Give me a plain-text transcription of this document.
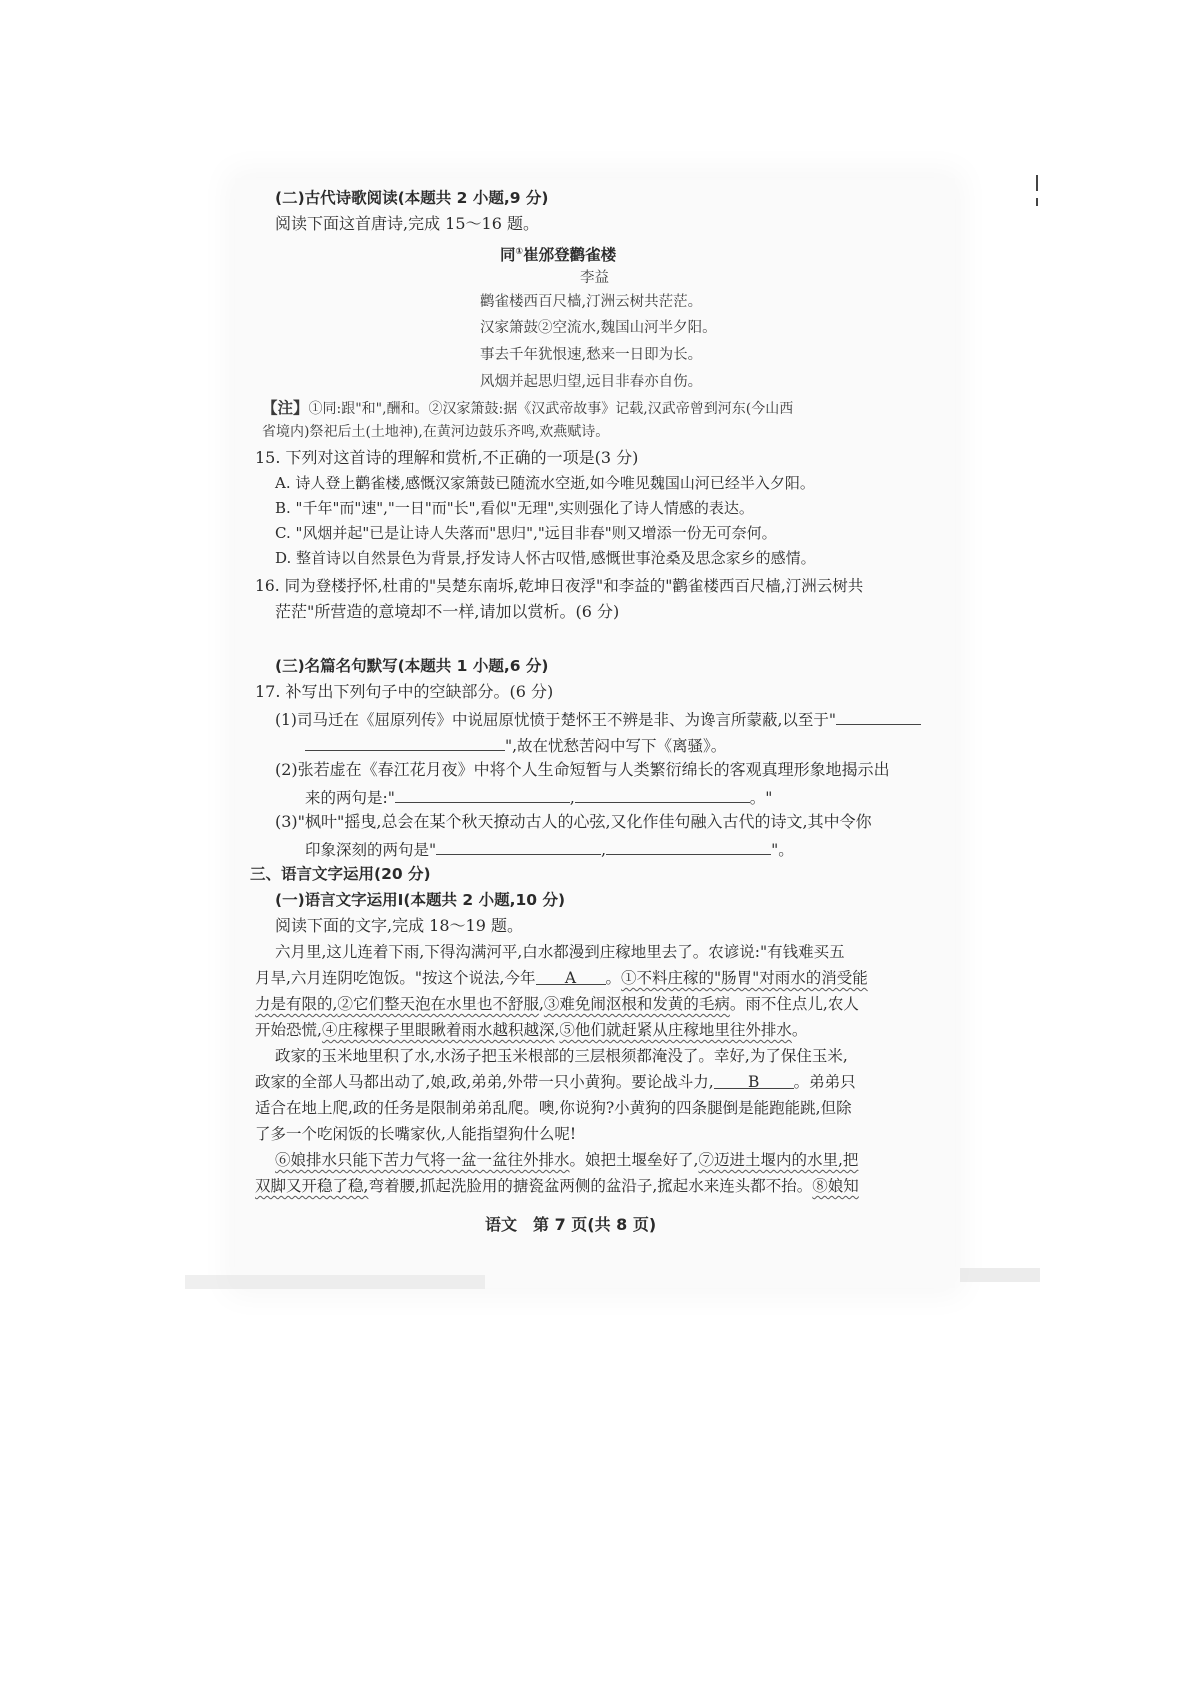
(二)古代诗歌阅读(本题共 2 小题,9 分)
阅读下面这首唐诗,完成 15～16 题。
同①崔邠登鹳雀楼
李益
鹳雀楼西百尺樯,汀洲云树共茫茫。
汉家箫鼓②空流水,魏国山河半夕阳。
事去千年犹恨速,愁来一日即为长。
风烟并起思归望,远目非春亦自伤。
【注】①同:跟"和",酬和。②汉家箫鼓:据《汉武帝故事》记载,汉武帝曾到河东(今山西
省境内)祭祀后土(土地神),在黄河边鼓乐齐鸣,欢燕赋诗。
15. 下列对这首诗的理解和赏析,不正确的一项是(3 分)
A. 诗人登上鹳雀楼,感慨汉家箫鼓已随流水空逝,如今唯见魏国山河已经半入夕阳。
B. "千年"而"速","一日"而"长",看似"无理",实则强化了诗人情感的表达。
C. "风烟并起"已是让诗人失落而"思归","远目非春"则又增添一份无可奈何。
D. 整首诗以自然景色为背景,抒发诗人怀古叹惜,感慨世事沧桑及思念家乡的感情。
16. 同为登楼抒怀,杜甫的"吴楚东南坼,乾坤日夜浮"和李益的"鹳雀楼西百尺樯,汀洲云树共
茫茫"所营造的意境却不一样,请加以赏析。(6 分)
(三)名篇名句默写(本题共 1 小题,6 分)
17. 补写出下列句子中的空缺部分。(6 分)
(1)司马迁在《屈原列传》中说屈原忧愤于楚怀王不辨是非、为谗言所蒙蔽,以至于"
",故在忧愁苦闷中写下《离骚》。
(2)张若虚在《春江花月夜》中将个人生命短暂与人类繁衍绵长的客观真理形象地揭示出
来的两句是:"	,	。"
(3)"枫叶"摇曳,总会在某个秋天撩动古人的心弦,又化作佳句融入古代的诗文,其中令你
印象深刻的两句是"	,	"。
三、语言文字运用(20 分)
(一)语言文字运用Ⅰ(本题共 2 小题,10 分)
阅读下面的文字,完成 18～19 题。
六月里,这儿连着下雨,下得沟满河平,白水都漫到庄稼地里去了。农谚说:"有钱难买五
月旱,六月连阴吃饱饭。"按这个说法,今年 A 。①不料庄稼的"肠胃"对雨水的消受能
力是有限的,②它们整天泡在水里也不舒服,③难免闹沤根和发黄的毛病。雨不住点儿,农人
开始恐慌,④庄稼棵子里眼瞅着雨水越积越深,⑤他们就赶紧从庄稼地里往外排水。
政家的玉米地里积了水,水汤子把玉米根部的三层根须都淹没了。幸好,为了保住玉米,
政家的全部人马都出动了,娘,政,弟弟,外带一只小黄狗。要论战斗力, B 。弟弟只
适合在地上爬,政的任务是限制弟弟乱爬。噢,你说狗?小黄狗的四条腿倒是能跑能跳,但除
了多一个吃闲饭的长嘴家伙,人能指望狗什么呢!
⑥娘排水只能下苦力气将一盆一盆往外排水。娘把土堰垒好了,⑦迈进土堰内的水里,把
双脚又开稳了稳,弯着腰,抓起洗脸用的搪瓷盆两侧的盆沿子,搲起水来连头都不抬。⑧娘知
语文　第 7 页(共 8 页)
